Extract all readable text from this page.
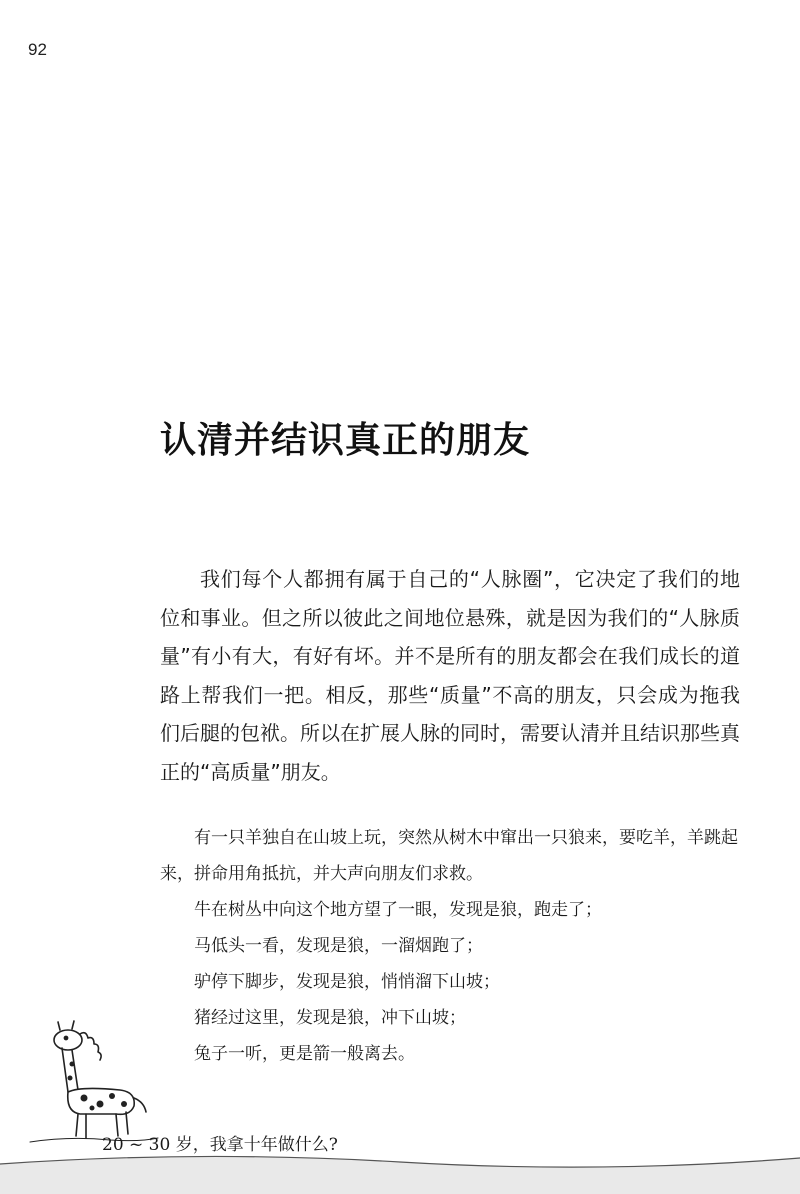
92
认清并结识真正的朋友

我们每个人都拥有属于自己的“人脉圈”，它决定了我们的地位和事业。但之所以彼此之间地位悬殊，就是因为我们的“人脉质量”有小有大，有好有坏。并不是所有的朋友都会在我们成长的道路上帮我们一把。相反，那些“质量”不高的朋友，只会成为拖我们后腿的包袱。所以在扩展人脉的同时，需要认清并且结识那些真正的“高质量”朋友。

有一只羊独自在山坡上玩，突然从树木中窜出一只狼来，要吃羊，羊跳起来，拼命用角抵抗，并大声向朋友们求救。

牛在树丛中向这个地方望了一眼，发现是狼，跑走了；

马低头一看，发现是狼，一溜烟跑了；

驴停下脚步，发现是狼，悄悄溜下山坡；

猪经过这里，发现是狼，冲下山坡；

兔子一听，更是箭一般离去。

20 ~ 30 岁，我拿十年做什么?
